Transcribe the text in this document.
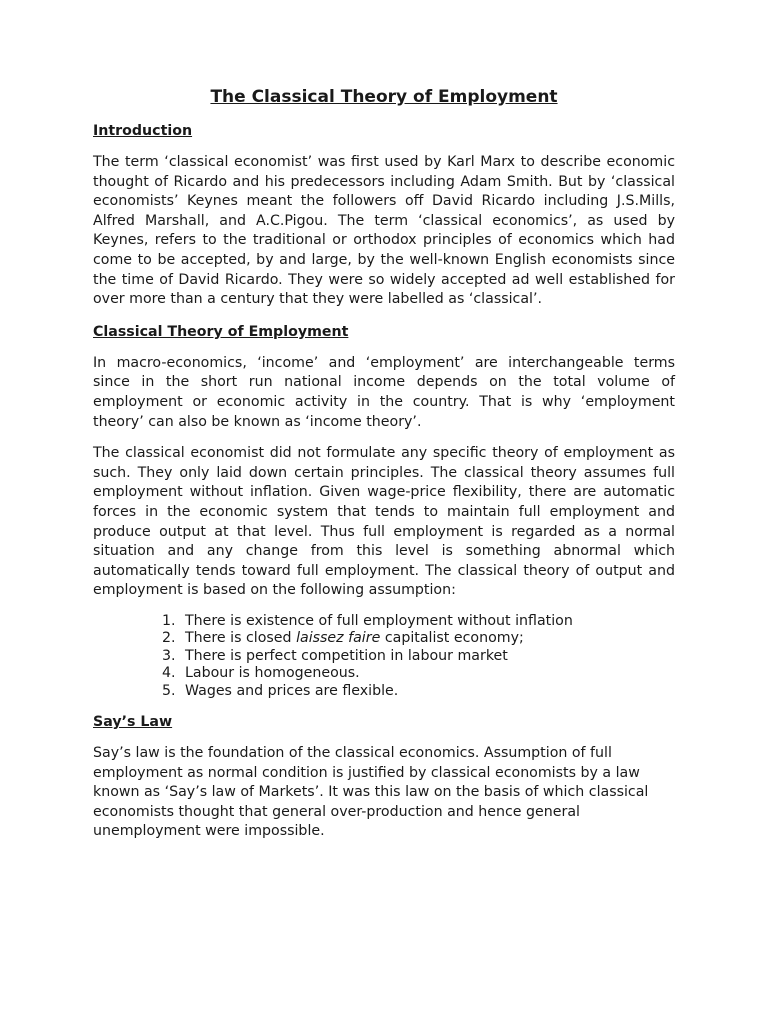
The Classical Theory of Employment
Introduction

The term ‘classical economist’ was first used by Karl Marx to describe economic thought of Ricardo and his predecessors including Adam Smith. But by ‘classical economists’ Keynes meant the followers off David Ricardo including J.S.Mills, Alfred Marshall, and A.C.Pigou. The term ‘classical economics’, as used by Keynes, refers to the traditional or orthodox principles of economics which had come to be accepted, by and large, by the well-known English economists since the time of David Ricardo. They were so widely accepted ad well established for over more than a century that they were labelled as ‘classical’.

Classical Theory of Employment

In macro-economics, ‘income’ and ‘employment’ are interchangeable terms since in the short run national income depends on the total volume of employment or economic activity in the country. That is why ‘employment theory’ can also be known as ‘income theory’.

The classical economist did not formulate any specific theory of employment as such. They only laid down certain principles. The classical theory assumes full employment without inflation. Given wage-price flexibility, there are automatic forces in the economic system that tends to maintain full employment and produce output at that level. Thus full employment is regarded as a normal situation and any change from this level is something abnormal which automatically tends toward full employment. The classical theory of output and employment is based on the following assumption:

1. There is existence of full employment without inflation
2. There is closed laissez faire capitalist economy;
3. There is perfect competition in labour market
4. Labour is homogeneous.
5. Wages and prices are flexible.
Say’s Law

Say’s law is the foundation of the classical economics. Assumption of full employment as normal condition is justified by classical economists by a law known as ‘Say’s law of Markets’. It was this law on the basis of which classical economists thought that general over-production and hence general unemployment were impossible.
